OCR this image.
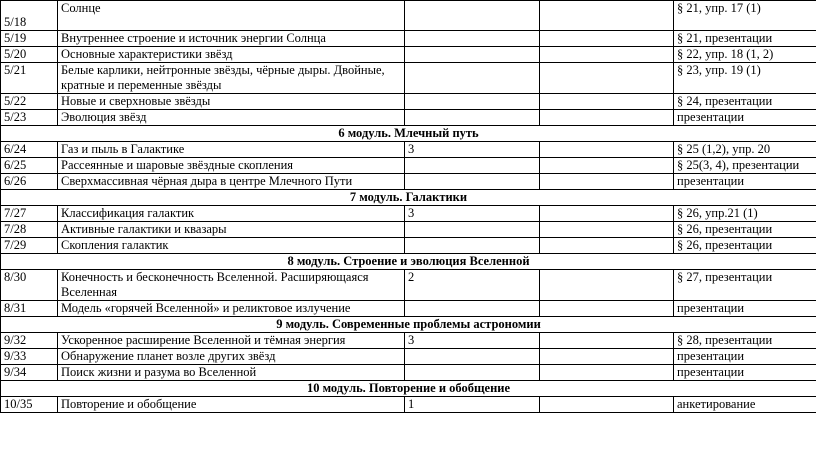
5/18	Солнце			§ 21, упр. 17 (1)
5/19	Внутреннее строение и источник энергии Солнца			§ 21, презентации
5/20	Основные характеристики звёзд			§ 22, упр. 18 (1, 2)
5/21	Белые карлики, нейтронные звёзды, чёрные дыры. Двойные, кратные и переменные звёзды			§ 23, упр. 19 (1)
5/22	Новые и сверхновые звёзды			§ 24, презентации
5/23	Эволюция звёзд			презентации
6 модуль. Млечный путь				
6/24	Газ и пыль в Галактике	3		§ 25 (1,2), упр. 20
6/25	Рассеянные и шаровые звёздные скопления			§ 25(3, 4), презентации
6/26	Сверхмассивная чёрная дыра в центре Млечного Пути			презентации
7 модуль. Галактики				
7/27	Классификация галактик	3		§ 26, упр.21 (1)
7/28	Активные галактики и квазары			§ 26, презентации
7/29	Скопления галактик			§ 26, презентации
8 модуль. Строение и эволюция Вселенной				
8/30	Конечность и бесконечность Вселенной. Расширяющаяся Вселенная	2		§ 27, презентации
8/31	Модель «горячей Вселенной» и реликтовое излучение			презентации
9 модуль. Современные проблемы астрономии				
9/32	Ускоренное расширение Вселенной и тёмная энергия	3		§ 28, презентации
9/33	Обнаружение планет возле других звёзд			презентации
9/34	Поиск жизни и разума во Вселенной			презентации
10 модуль. Повторение и обобщение				
10/35	Повторение и обобщение	1		анкетирование
